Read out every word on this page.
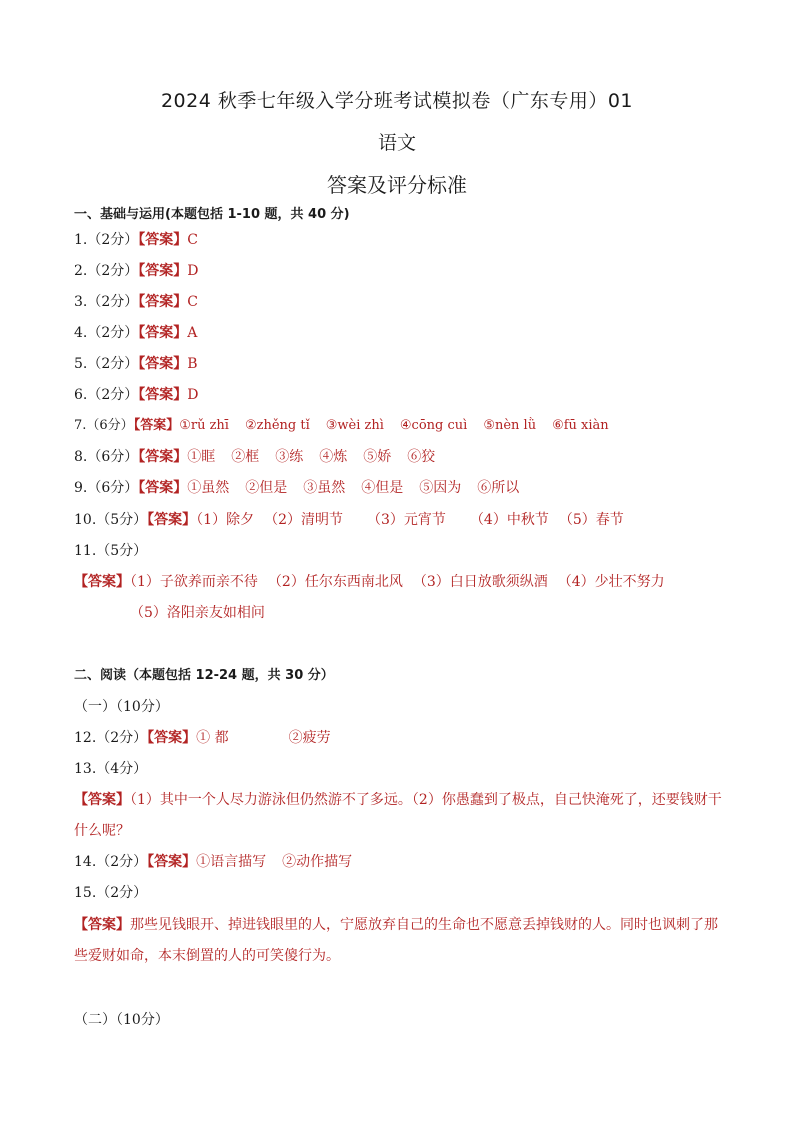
2024 秋季七年级入学分班考试模拟卷（广东专用）01
语文
答案及评分标准
一、基础与运用(本题包括 1-10 题，共 40 分)
1.（2分）【答案】C
2.（2分）【答案】D
3.（2分）【答案】C
4.（2分）【答案】A
5.（2分）【答案】B
6.（2分）【答案】D
7.（6分）【答案】①rǔ zhī ②zhěng tǐ ③wèi zhì ④cōng cuì ⑤nèn lǜ ⑥fū xiàn
8.（6分）【答案】①眶 ②框 ③练 ④炼 ⑤娇 ⑥狡
9.（6分）【答案】①虽然 ②但是 ③虽然 ④但是 ⑤因为 ⑥所以
10.（5分）【答案】（1）除夕 （2）清明节 （3）元宵节 （4）中秋节 （5）春节
11.（5分）
【答案】（1）子欲养而亲不待 （2）任尔东西南北风 （3）白日放歌须纵酒 （4）少壮不努力
（5）洛阳亲友如相问
二、阅读（本题包括 12-24 题，共 30 分）
（一）（10分）
12.（2分）【答案】① 都	②疲劳
13.（4分）
【答案】（1）其中一个人尽力游泳但仍然游不了多远。（2）你愚蠢到了极点，自己快淹死了，还要钱财干
什么呢？
14.（2分）【答案】①语言描写 ②动作描写
15.（2分）
【答案】那些见钱眼开、掉进钱眼里的人，宁愿放弃自己的生命也不愿意丢掉钱财的人。同时也讽刺了那
些爱财如命，本末倒置的人的可笑傻行为。
（二）（10分）
